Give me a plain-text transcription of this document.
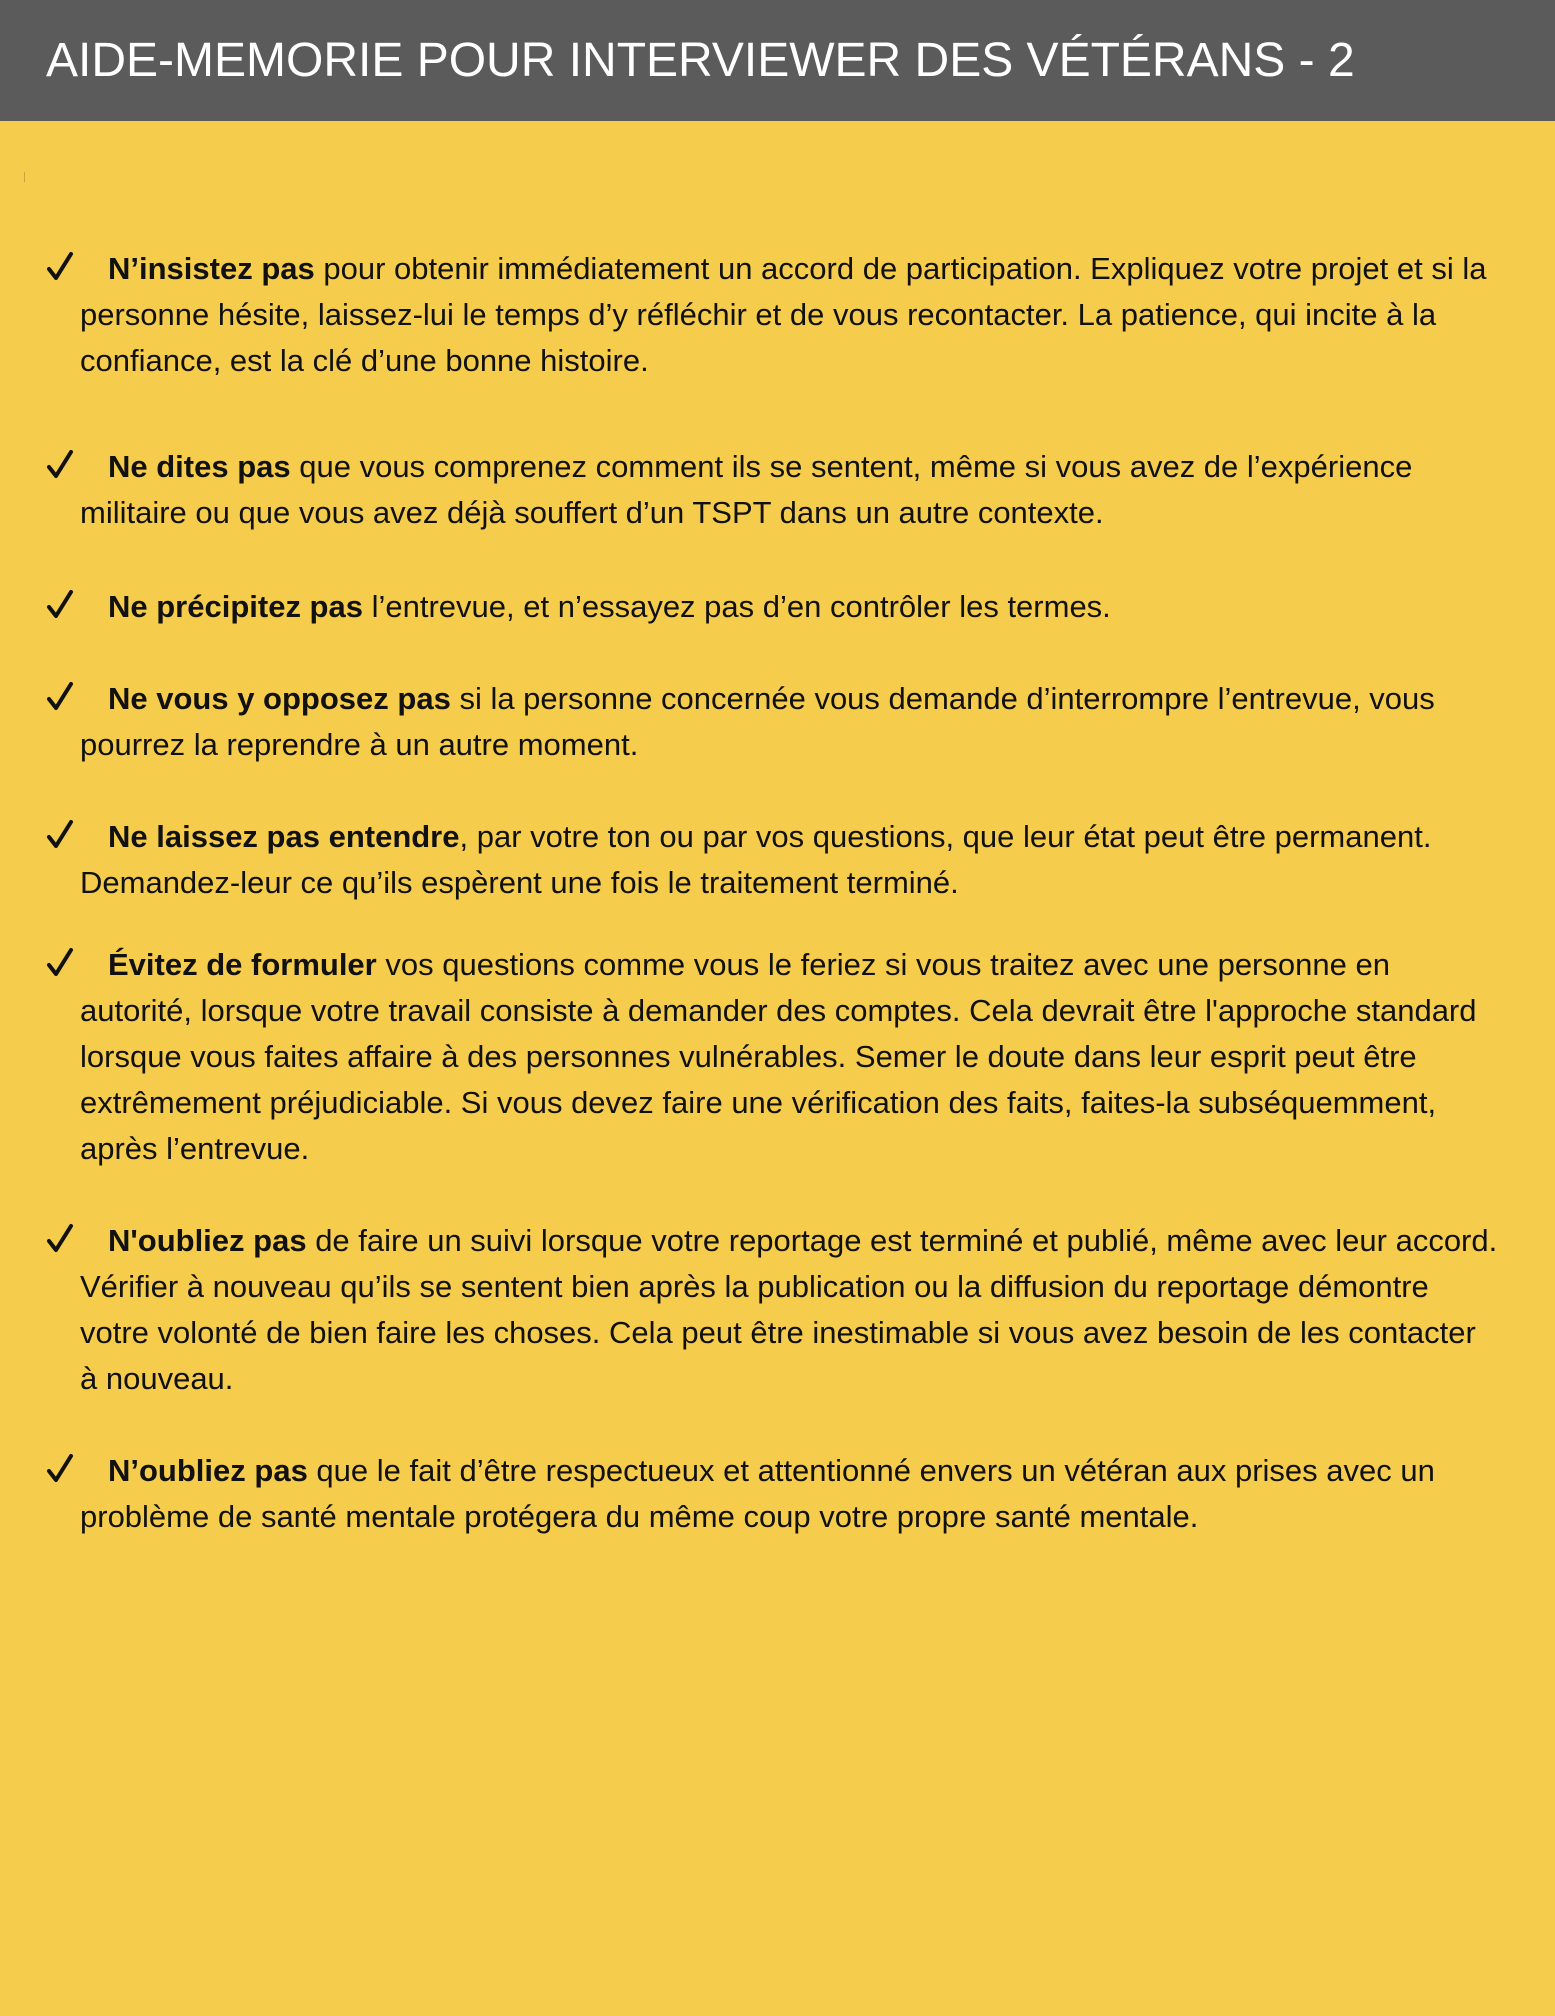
AIDE-MEMORIE POUR INTERVIEWER DES VÉTÉRANS - 2
N’insistez pas pour obtenir immédiatement un accord de participation. Expliquez votre projet et si la personne hésite, laissez-lui le temps d’y réfléchir et de vous recontacter. La patience, qui incite à la confiance, est la clé d’une bonne histoire.
Ne dites pas que vous comprenez comment ils se sentent, même si vous avez de l’expérience militaire ou que vous avez déjà souffert d’un TSPT dans un autre contexte.
Ne précipitez pas l’entrevue, et n’essayez pas d’en contrôler les termes.
Ne vous y opposez pas si la personne concernée vous demande d’interrompre l’entrevue, vous pourrez la reprendre à un autre moment.
Ne laissez pas entendre, par votre ton ou par vos questions, que leur état peut être permanent. Demandez-leur ce qu’ils espèrent une fois le traitement terminé.
Évitez de formuler vos questions comme vous le feriez si vous traitez avec une personne en autorité, lorsque votre travail consiste à demander des comptes. Cela devrait être l'approche standard lorsque vous faites affaire à des personnes vulnérables. Semer le doute dans leur esprit peut être extrêmement préjudiciable. Si vous devez faire une vérification des faits, faites-la subséquemment, après l’entrevue.
N'oubliez pas de faire un suivi lorsque votre reportage est terminé et publié, même avec leur accord. Vérifier à nouveau qu’ils se sentent bien après la publication ou la diffusion du reportage démontre votre volonté de bien faire les choses. Cela peut être inestimable si vous avez besoin de les contacter à nouveau.
N’oubliez pas que le fait d’être respectueux et attentionné envers un vétéran aux prises avec un problème de santé mentale protégera du même coup votre propre santé mentale.
